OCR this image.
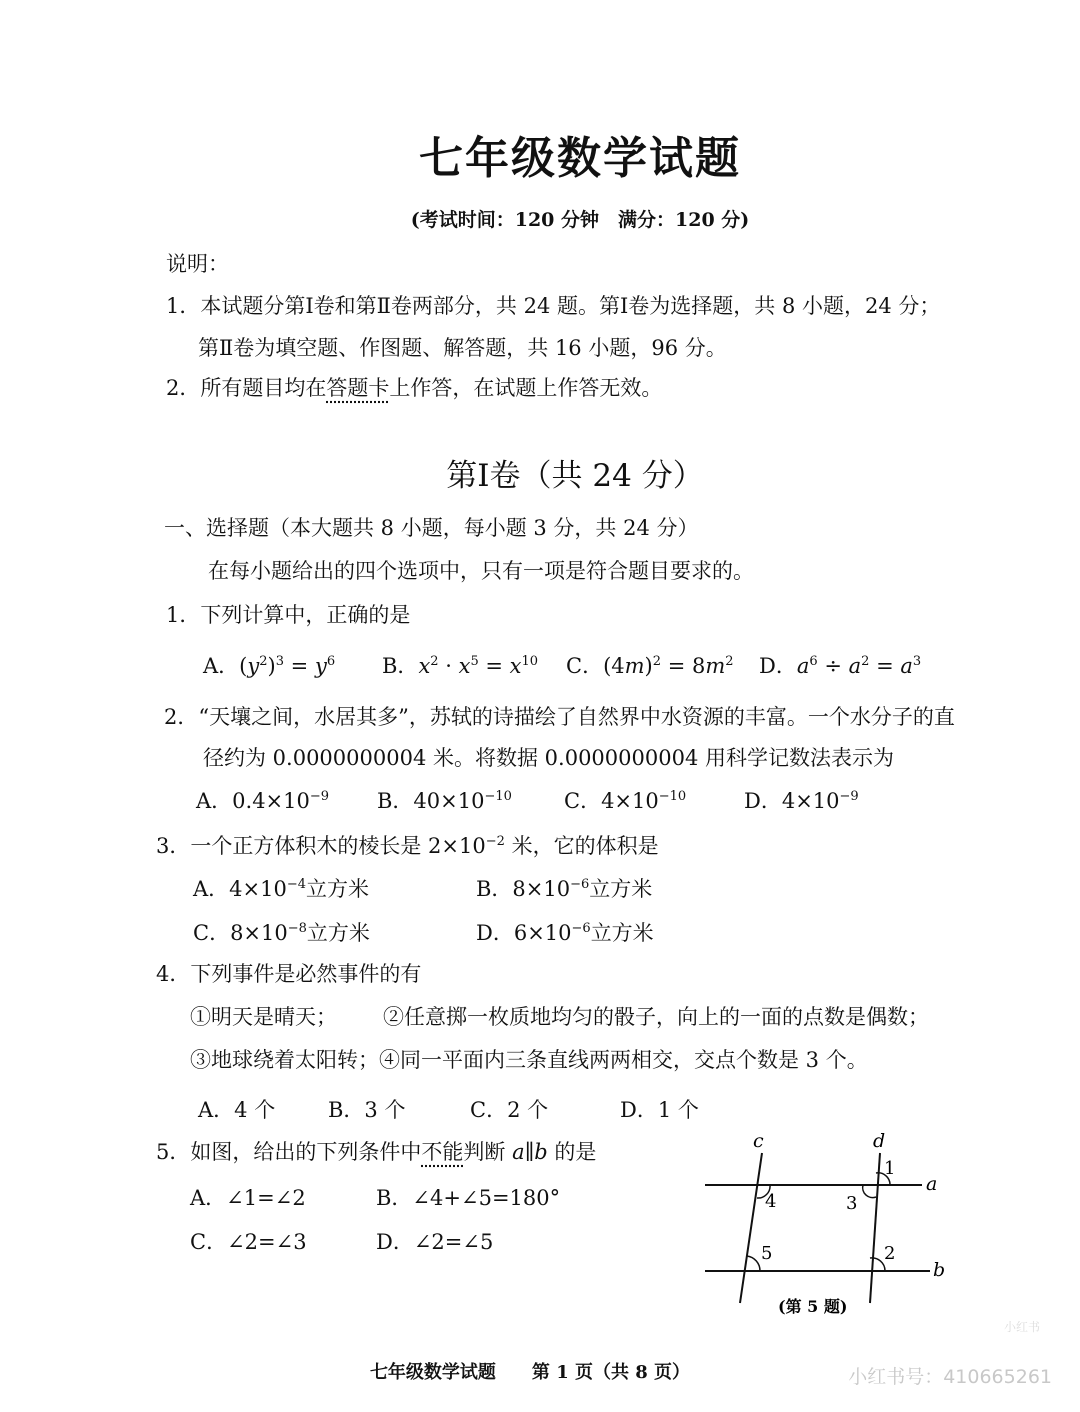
七年级数学试题
(考试时间：120 分钟　满分：120 分)
说明：
1．本试题分第Ⅰ卷和第Ⅱ卷两部分，共 24 题。第Ⅰ卷为选择题，共 8 小题，24 分；
第Ⅱ卷为填空题、作图题、解答题，共 16 小题，96 分。
2．所有题目均在答题卡上作答，在试题上作答无效。
第Ⅰ卷（共 24 分）
一、选择题（本大题共 8 小题，每小题 3 分，共 24 分）
在每小题给出的四个选项中，只有一项是符合题目要求的。
1．下列计算中，正确的是
A．$(y^2)^3 = y^6$ B．$x^2 \cdot x^5 = x^{10}$ C．$(4m)^2 = 8m^2$ D．$a^6 \div a^2 = a^3$
2．“天壤之间，水居其多”，苏轼的诗描绘了自然界中水资源的丰富。一个水分子的直
径约为 0.0000000004 米。将数据 0.0000000004 用科学记数法表示为
A．$0.4\times 10^{-9}$ B．$40\times 10^{-10}$ C．$4\times 10^{-10}$	D．$4\times 10^{-9}$
3．一个正方体积木的棱长是 $2\times 10^{-2}$ 米，它的体积是
A．$4\times 10^{-4}$立方米	B．$8\times 10^{-6}$立方米
C．$8\times 10^{-8}$立方米	D．$6\times 10^{-6}$立方米
4．下列事件是必然事件的有
①明天是晴天； ②任意掷一枚质地均匀的骰子，向上的一面的点数是偶数；
③地球绕着太阳转；④同一平面内三条直线两两相交，交点个数是 3 个。
A．4 个	B．3 个	C．2 个	D．1 个
5．如图，给出的下列条件中不能判断 a∥b 的是
A．∠1=∠2	B．∠4+∠5=180°
C．∠2=∠3	D．∠2=∠5
c	d
a
b
1
2
3
4
5
(第 5 题)
小红书
七年级数学试题　　第 1 页（共 8 页）	小红书号：410665261
